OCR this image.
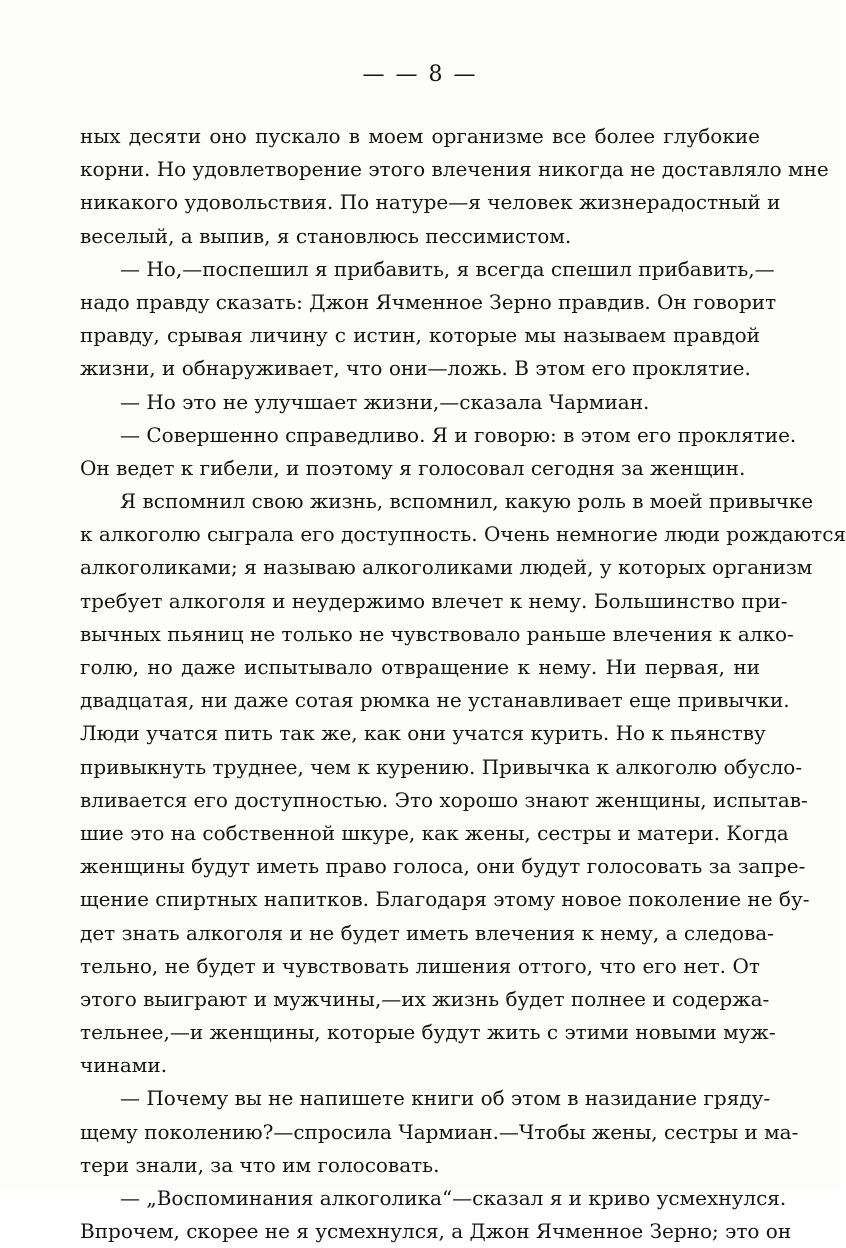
— — 8 —
ных десяти оно пускало в моем организме все более глубокие
корни. Но удовлетворение этого влечения никогда не доставляло мне
никакого удовольствия. По натуре—я человек жизнерадостный и
веселый, а выпив, я становлюсь пессимистом.
— Но,—поспешил я прибавить, я всегда спешил прибавить,—
надо правду сказать: Джон Ячменное Зерно правдив. Он говорит
правду, срывая личину с истин, которые мы называем правдой
жизни, и обнаруживает, что они—ложь. В этом его проклятие.
— Но это не улучшает жизни,—сказала Чармиан.
— Совершенно справедливо. Я и говорю: в этом его проклятие.
Он ведет к гибели, и поэтому я голосовал сегодня за женщин.
Я вспомнил свою жизнь, вспомнил, какую роль в моей привычке
к алкоголю сыграла его доступность. Очень немногие люди рождаются
алкоголиками; я называю алкоголиками людей, у которых организм
требует алкоголя и неудержимо влечет к нему. Большинство при-
вычных пьяниц не только не чувствовало раньше влечения к алко-
голю, но даже испытывало отвращение к нему. Ни первая, ни
двадцатая, ни даже сотая рюмка не устанавливает еще привычки.
Люди учатся пить так же, как они учатся курить. Но к пьянству
привыкнуть труднее, чем к курению. Привычка к алкоголю обусло-
вливается его доступностью. Это хорошо знают женщины, испытав-
шие это на собственной шкуре, как жены, сестры и матери. Когда
женщины будут иметь право голоса, они будут голосовать за запре-
щение спиртных напитков. Благодаря этому новое поколение не бу-
дет знать алкоголя и не будет иметь влечения к нему, а следова-
тельно, не будет и чувствовать лишения оттого, что его нет. От
этого выиграют и мужчины,—их жизнь будет полнее и содержа-
тельнее,—и женщины, которые будут жить с этими новыми муж-
чинами.
— Почему вы не напишете книги об этом в назидание гряду-
щему поколению?—спросила Чармиан.—Чтобы жены, сестры и ма-
тери знали, за что им голосовать.
— „Воспоминания алкоголика“—сказал я и криво усмехнулся.
Впрочем, скорее не я усмехнулся, а Джон Ячменное Зерно; это он
